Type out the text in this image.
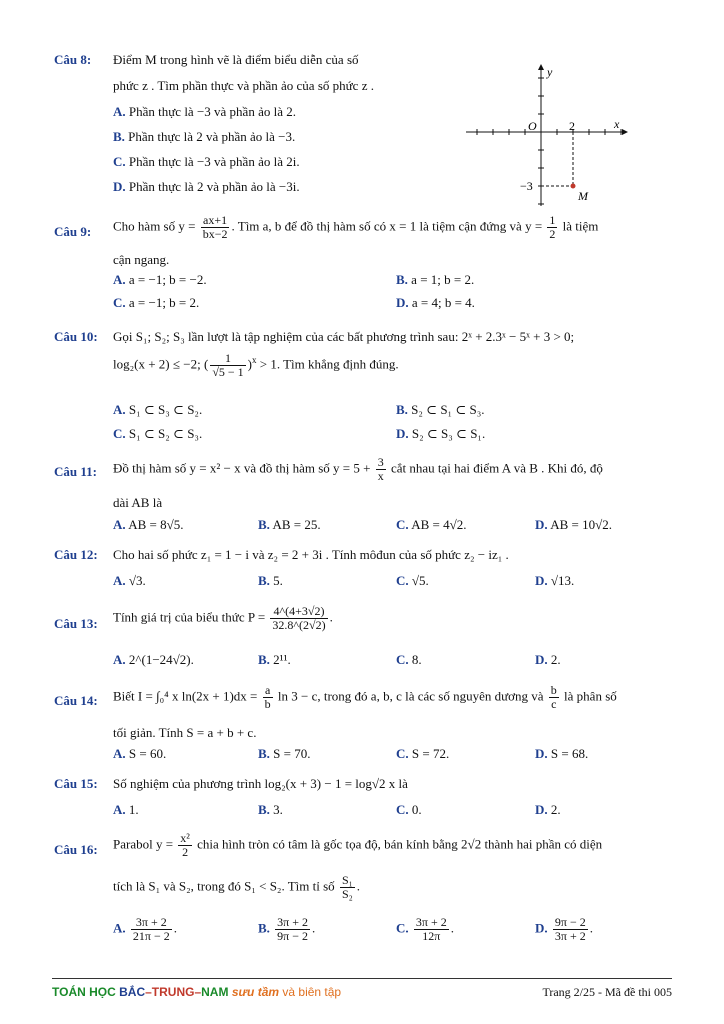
Câu 8: Điểm M trong hình vẽ là điểm biểu diễn của số
phức z . Tìm phần thực và phần ảo của số phức z .
A. Phần thực là −3 và phần ảo là 2.
B. Phần thực là 2 và phần ảo là −3.
C. Phần thực là −3 và phần ảo là 2i.
D. Phần thực là 2 và phần ảo là −3i.
y
x
O	2
−3
M
Câu 9: Cho hàm số $y = \frac{ax+1}{bx-2}$ . Tìm a, b để đồ thị hàm số có x = 1 là tiệm cận đứng và $y = \frac{1}{2}$ là tiệm
cận ngang.
A. a = −1; b = −2.	B. a = 1; b = 2.
C. a = −1; b = 2.	D. a = 4; b = 4.
Câu 10: Gọi S₁; S₂; S₃ lần lượt là tập nghiệm của các bất phương trình sau: 2ˣ + 2.3ˣ − 5ˣ + 3 > 0;
log₂(x + 2) ≤ −2; ( $\frac{1}{√5 - 1} )^x > 1$. Tìm khẳng định đúng.
A. S₁ ⊂ S₃ ⊂ S₂.	B. S₂ ⊂ S₁ ⊂ S₃.
C. S₁ ⊂ S₂ ⊂ S₃.	D. S₂ ⊂ S₃ ⊂ S₁.
Câu 11: Đồ thị hàm số y = x² − x và đồ thị hàm số $y = 5 + \frac{3}{x}$ cắt nhau tại hai điểm A và B . Khi đó, độ
dài AB là
A. AB = 8√5.	B. AB = 25.	C. AB = 4√2.	D. AB = 10√2.
Câu 12: Cho hai số phức z₁ = 1 − i và z₂ = 2 + 3i . Tính môđun của số phức z₂ − iz₁ .
A. √3.	B. 5.	C. √5.	D. √13.
Câu 13: Tính giá trị của biểu thức $P = \frac{4\^{}(4+3√2)}{32.8\^{}(2√2)}$ .
A. 2^(1−24√2).	B. 2¹¹.	C. 8.	D. 2.
Câu 14: Biết I = ∫₀⁴ x $\ln(2x + 1)dx = \frac{a}{b}$ ln 3 − c, trong đó a, b, c là các số nguyên dương và $\frac{b}{c}$ là phân số
tối giản. Tính S = a + b + c.
A. S = 60.	B. S = 70.	C. S = 72.	D. S = 68.
Câu 15: Số nghiệm của phương trình log₂(x + 3) − 1 = log√2 x là
A. 1.	B. 3.	C. 0.	D. 2.
Câu 16: Parabol $y = \frac{\text{x²}}{2}$ chia hình tròn có tâm là gốc tọa độ, bán kính bằng 2√2 thành hai phần có diện
tích là S₁ và S₂, trong đó S₁ < S₂. Tìm tỉ số $\frac{\text{S₁}}{\text{S₂}}$ .
A. $\frac{3\pi + 2}{21\pi - 2}$ .	B. $\frac{3\pi + 2}{9\pi - 2}$ .	C. $\frac{3\pi + 2}{12\pi}$ .	D. $\frac{9\pi - 2}{3\pi + 2}$ .
TOÁN HỌC BẮC–TRUNG–NAM sưu tầm và biên tập	Trang 2/25 - Mã đề thi 005
